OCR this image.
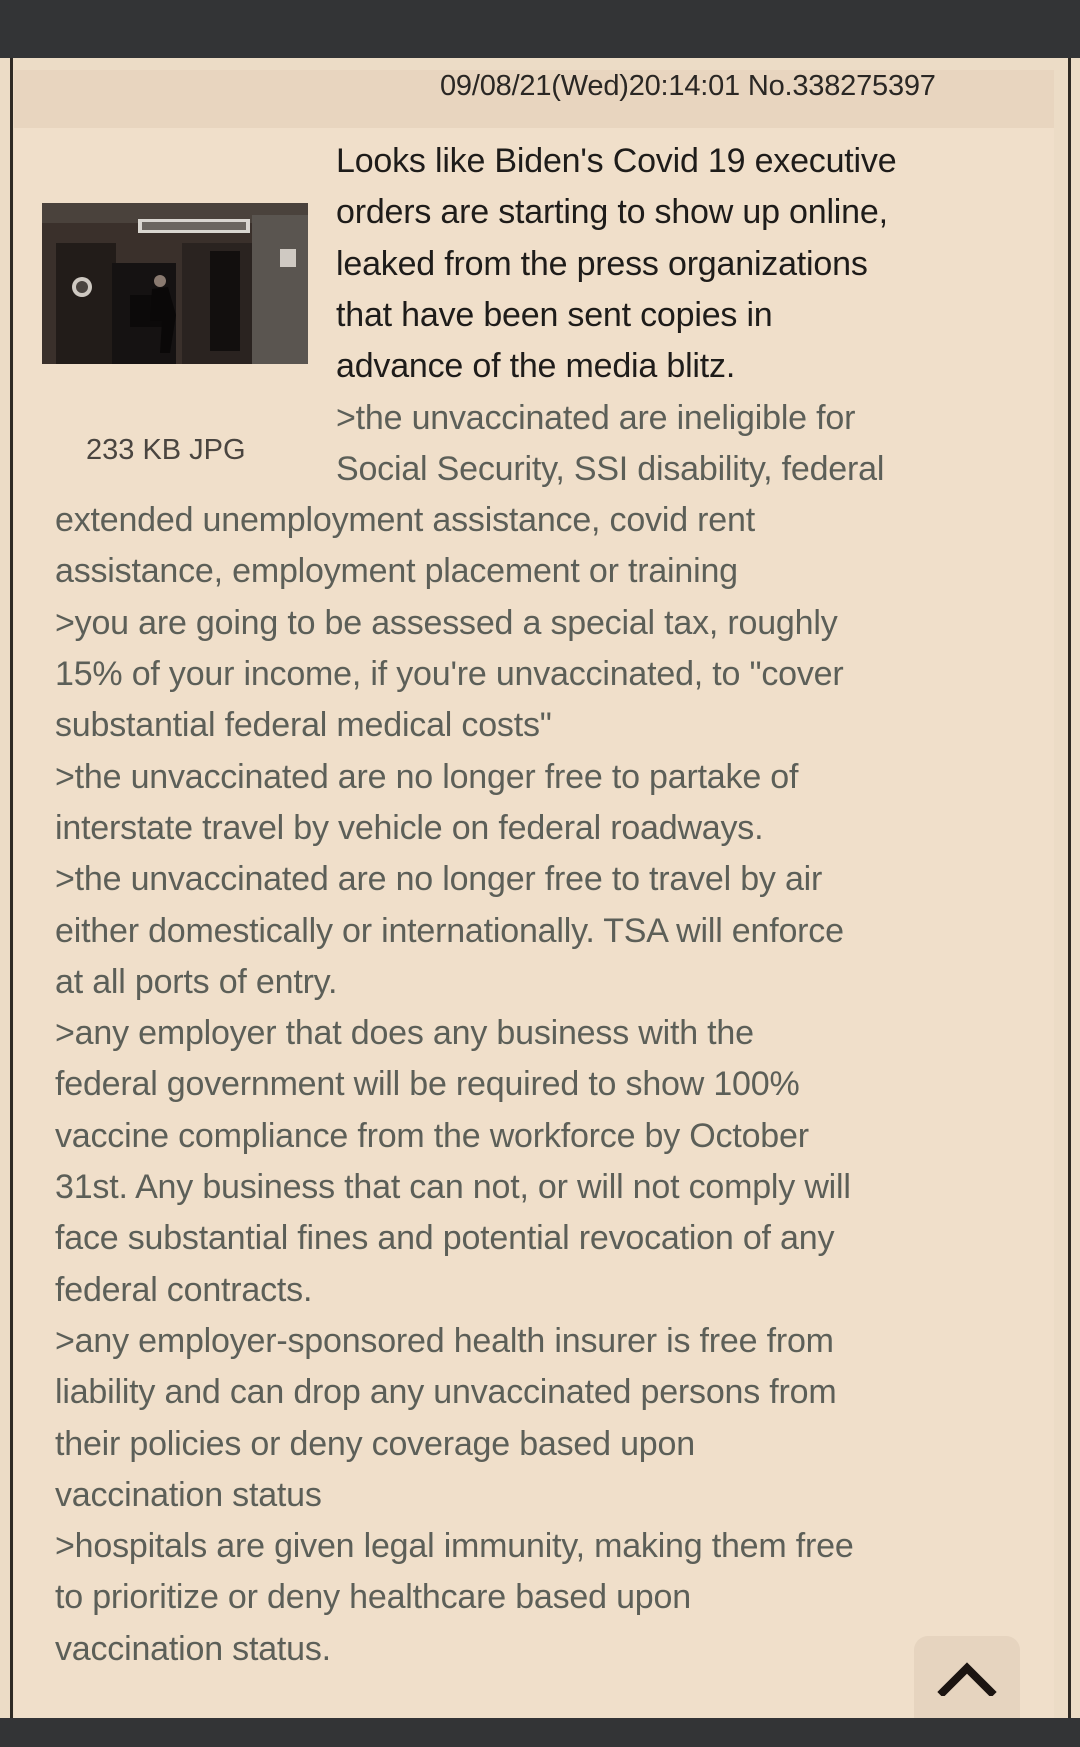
09/08/21(Wed)20:14:01 No.338275397
233 KB JPG
Looks like Biden's Covid 19 executive
orders are starting to show up online,
leaked from the press organizations
that have been sent copies in
advance of the media blitz.
>the unvaccinated are ineligible for
Social Security, SSI disability, federal
extended unemployment assistance, covid rent
assistance, employment placement or training
>you are going to be assessed a special tax, roughly
15% of your income, if you're unvaccinated, to "cover
substantial federal medical costs"
>the unvaccinated are no longer free to partake of
interstate travel by vehicle on federal roadways.
>the unvaccinated are no longer free to travel by air
either domestically or internationally. TSA will enforce
at all ports of entry.
>any employer that does any business with the
federal government will be required to show 100%
vaccine compliance from the workforce by October
31st. Any business that can not, or will not comply will
face substantial fines and potential revocation of any
federal contracts.
>any employer-sponsored health insurer is free from
liability and can drop any unvaccinated persons from
their policies or deny coverage based upon
vaccination status
>hospitals are given legal immunity, making them free
to prioritize or deny healthcare based upon
vaccination status.
